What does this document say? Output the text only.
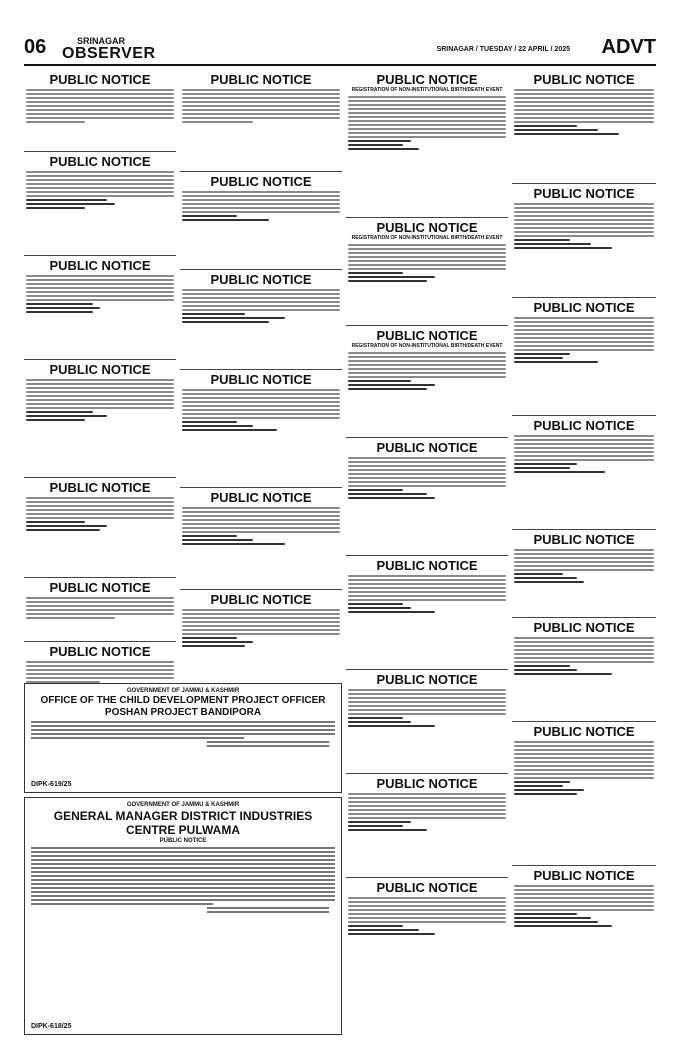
06	SRINAGAR
OBSERVER	SRINAGAR / TUESDAY / 22 APRIL / 2025 ADVT
PUBLIC NOTICE
PUBLIC NOTICE
PUBLIC NOTICE
PUBLIC NOTICE
PUBLIC NOTICE
PUBLIC NOTICE
PUBLIC NOTICE
PUBLIC NOTICE
PUBLIC NOTICE
PUBLIC NOTICE
PUBLIC NOTICE
PUBLIC NOTICE
PUBLIC NOTICE
PUBLIC NOTICE
REGISTRATION OF NON-INSTITUTIONAL BIRTH/DEATH EVENT
PUBLIC NOTICE
REGISTRATION OF NON-INSTITUTIONAL BIRTH/DEATH EVENT
PUBLIC NOTICE
REGISTRATION OF NON-INSTITUTIONAL BIRTH/DEATH EVENT
PUBLIC NOTICE
PUBLIC NOTICE
PUBLIC NOTICE
PUBLIC NOTICE
PUBLIC NOTICE
PUBLIC NOTICE
PUBLIC NOTICE
PUBLIC NOTICE
PUBLIC NOTICE
PUBLIC NOTICE
PUBLIC NOTICE
PUBLIC NOTICE
PUBLIC NOTICE
GOVERNMENT OF JAMMU & KASHMIR
OFFICE OF THE CHILD DEVELOPMENT PROJECT OFFICER
POSHAN PROJECT BANDIPORA
DIPK-619/25
GOVERNMENT OF JAMMU & KASHMIR
GENERAL MANAGER DISTRICT INDUSTRIES CENTRE PULWAMA
PUBLIC NOTICE
DIPK-618/25
